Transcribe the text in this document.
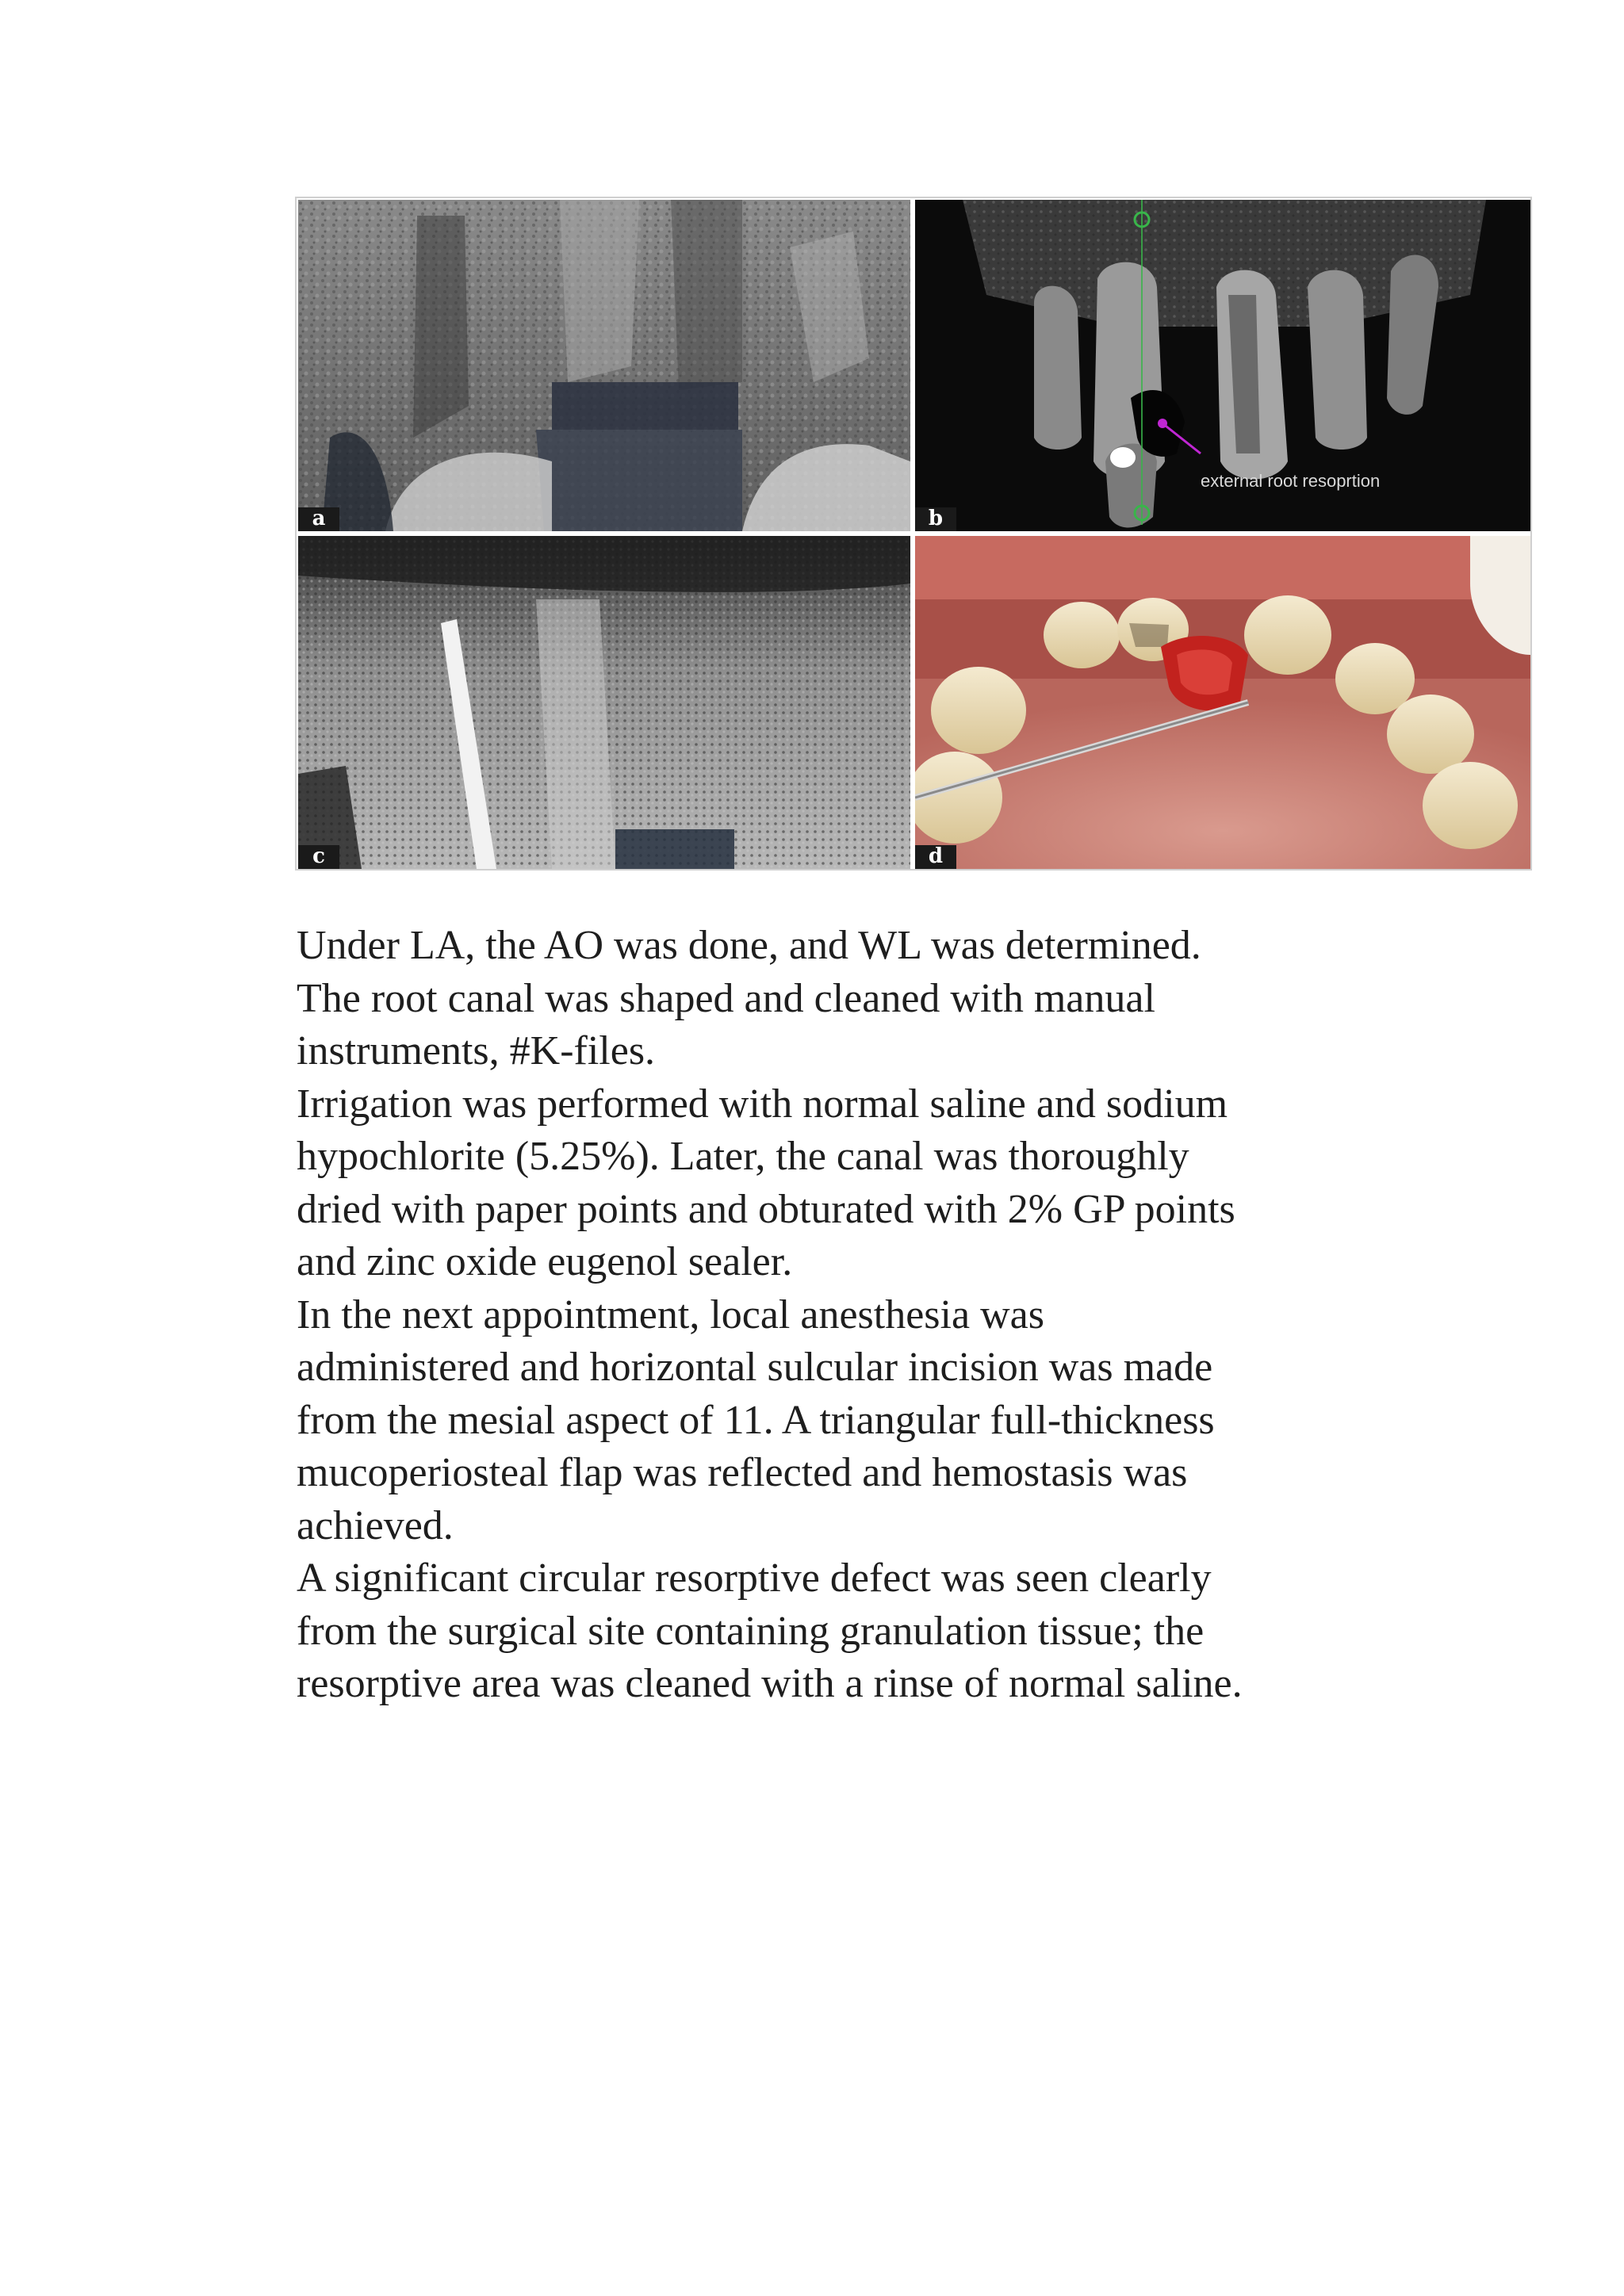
a
external root resoprtion
b
c	d
Under LA, the AO was done, and WL was determined.
The root canal was shaped and cleaned with manual
instruments, #K-files.
Irrigation was performed with normal saline and sodium
hypochlorite (5.25%). Later, the canal was thoroughly
dried with paper points and obturated with 2% GP points
and zinc oxide eugenol sealer.
In the next appointment, local anesthesia was
administered and horizontal sulcular incision was made
from the mesial aspect of 11. A triangular full-thickness
mucoperiosteal flap was reflected and hemostasis was
achieved.
A significant circular resorptive defect was seen clearly
from the surgical site containing granulation tissue; the
resorptive area was cleaned with a rinse of normal saline.
